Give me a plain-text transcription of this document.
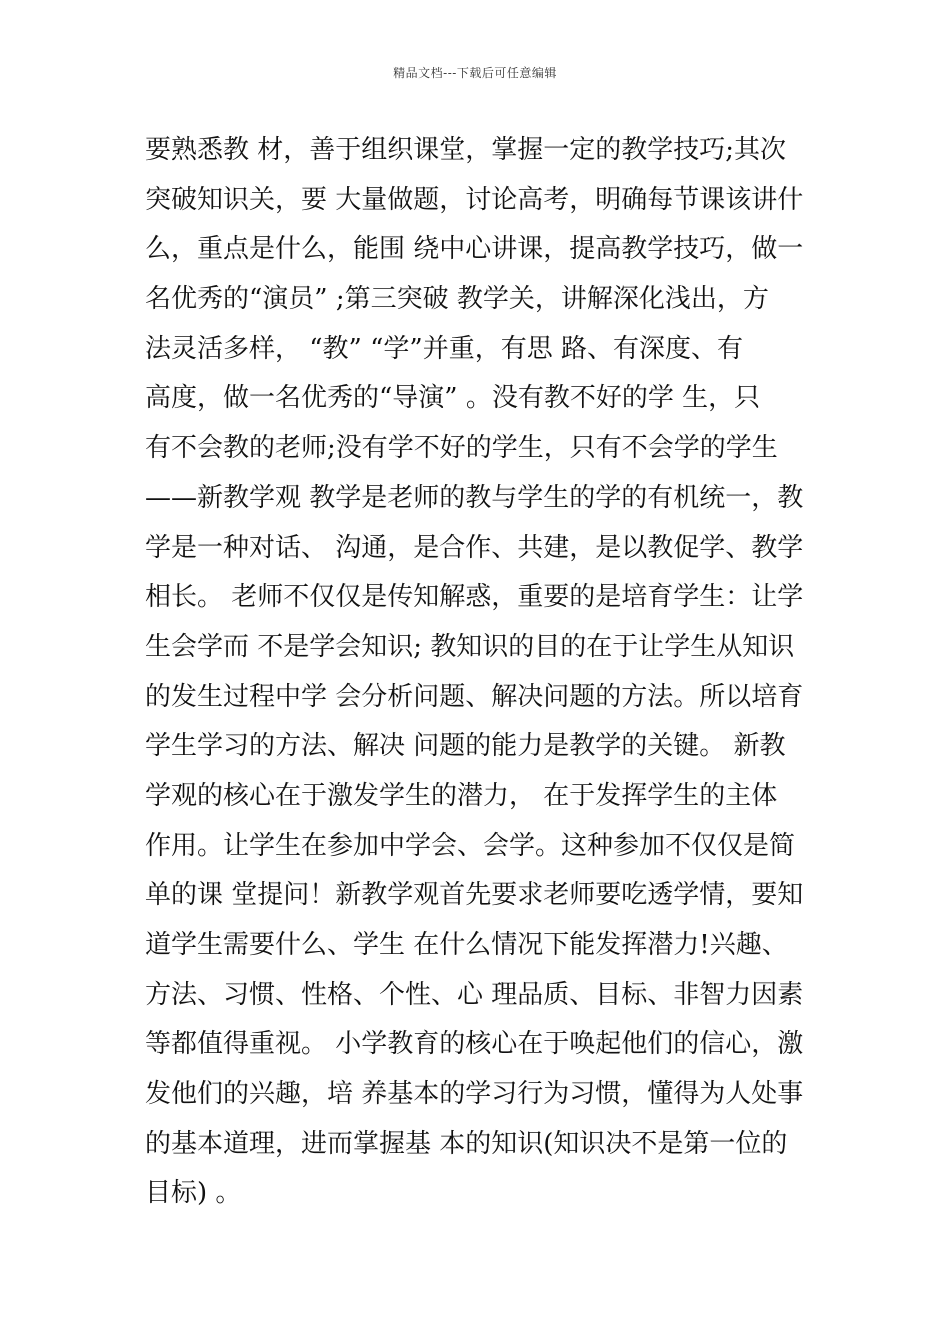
精品文档---下载后可任意编辑
要熟悉教 材，善于组织课堂，掌握一定的教学技巧;其次
突破知识关，要 大量做题，讨论高考，明确每节课该讲什
么，重点是什么，能围 绕中心讲课，提高教学技巧，做一
名优秀的“演员” ;第三突破 教学关，讲解深化浅出，方
法灵活多样， “教” “学”并重，有思 路、有深度、有
高度，做一名优秀的“导演” 。没有教不好的学 生，只
有不会教的老师;没有学不好的学生，只有不会学的学生
——新教学观 教学是老师的教与学生的学的有机统一，教
学是一种对话、 沟通，是合作、共建，是以教促学、教学
相长。 老师不仅仅是传知解惑，重要的是培育学生：让学
生会学而 不是学会知识; 教知识的目的在于让学生从知识
的发生过程中学 会分析问题、解决问题的方法。所以培育
学生学习的方法、解决 问题的能力是教学的关键。 新教
学观的核心在于激发学生的潜力， 在于发挥学生的主体
作用。让学生在参加中学会、会学。这种参加不仅仅是简
单的课 堂提问！新教学观首先要求老师要吃透学情，要知
道学生需要什么、学生 在什么情况下能发挥潜力!兴趣、
方法、习惯、性格、个性、心 理品质、目标、非智力因素
等都值得重视。 小学教育的核心在于唤起他们的信心，激
发他们的兴趣，培 养基本的学习行为习惯，懂得为人处事
的基本道理，进而掌握基 本的知识(知识决不是第一位的
目标) 。
